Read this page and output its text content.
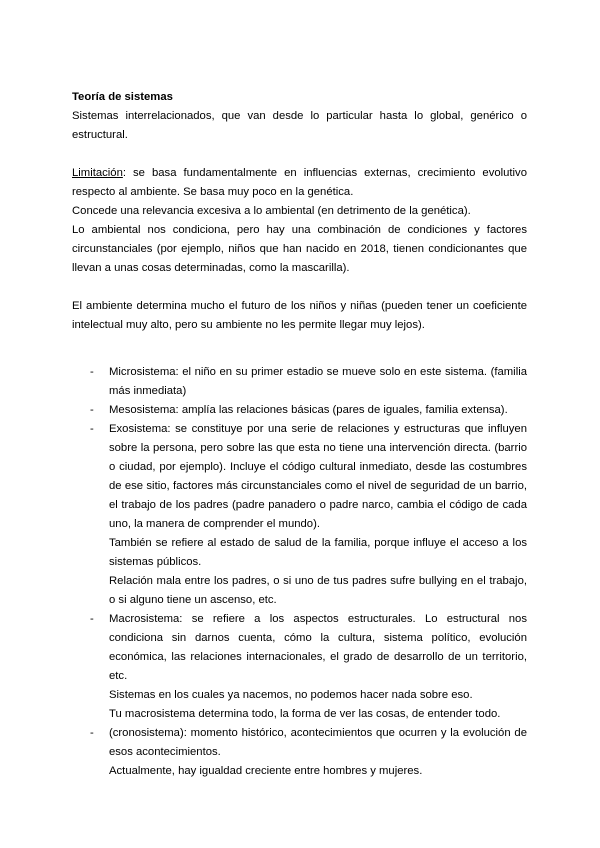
Teoría de sistemas
Sistemas interrelacionados, que van desde lo particular hasta lo global, genérico o estructural.
Limitación: se basa fundamentalmente en influencias externas, crecimiento evolutivo respecto al ambiente. Se basa muy poco en la genética.
Concede una relevancia excesiva a lo ambiental (en detrimento de la genética).
Lo ambiental nos condiciona, pero hay una combinación de condiciones y factores circunstanciales (por ejemplo, niños que han nacido en 2018, tienen condicionantes que llevan a unas cosas determinadas, como la mascarilla).
El ambiente determina mucho el futuro de los niños y niñas (pueden tener un coeficiente intelectual muy alto, pero su ambiente no les permite llegar muy lejos).
- Microsistema: el niño en su primer estadio se mueve solo en este sistema. (familia más inmediata)
- Mesosistema: amplía las relaciones básicas (pares de iguales, familia extensa).
- Exosistema: se constituye por una serie de relaciones y estructuras que influyen sobre la persona, pero sobre las que esta no tiene una intervención directa. (barrio o ciudad, por ejemplo). Incluye el código cultural inmediato, desde las costumbres de ese sitio, factores más circunstanciales como el nivel de seguridad de un barrio, el trabajo de los padres (padre panadero o padre narco, cambia el código de cada uno, la manera de comprender el mundo).
También se refiere al estado de salud de la familia, porque influye el acceso a los sistemas públicos.
Relación mala entre los padres, o si uno de tus padres sufre bullying en el trabajo, o si alguno tiene un ascenso, etc.
- Macrosistema: se refiere a los aspectos estructurales. Lo estructural nos condiciona sin darnos cuenta, cómo la cultura, sistema político, evolución económica, las relaciones internacionales, el grado de desarrollo de un territorio, etc.
Sistemas en los cuales ya nacemos, no podemos hacer nada sobre eso.
Tu macrosistema determina todo, la forma de ver las cosas, de entender todo.
- (cronosistema): momento histórico, acontecimientos que ocurren y la evolución de esos acontecimientos.
Actualmente, hay igualdad creciente entre hombres y mujeres.
